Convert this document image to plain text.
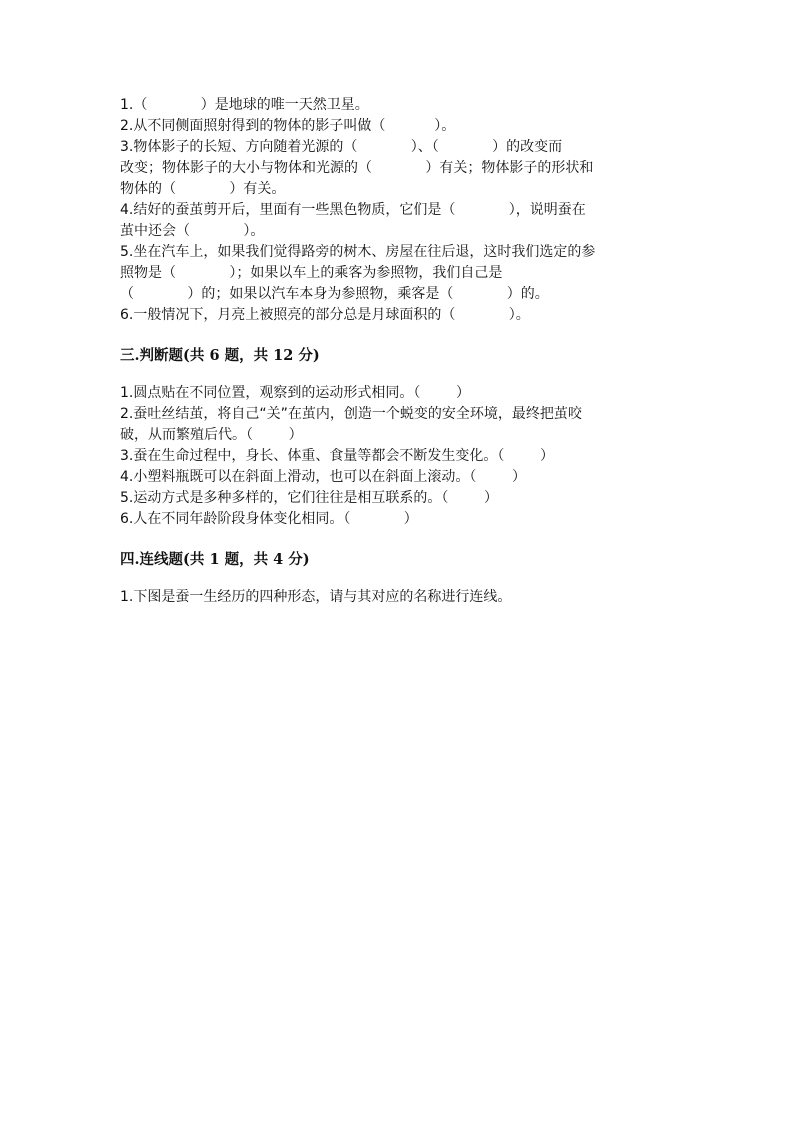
1.（            ）是地球的唯一天然卫星。

2.从不同侧面照射得到的物体的影子叫做（           ）。

3.物体影子的长短、方向随着光源的（            ）、（            ）的改变而

改变；物体影子的大小与物体和光源的（            ）有关；物体影子的形状和

物体的（            ）有关。

4.结好的蚕茧剪开后，里面有一些黑色物质，它们是（            ），说明蚕在

茧中还会（            ）。

5.坐在汽车上，如果我们觉得路旁的树木、房屋在往后退，这时我们选定的参

照物是（            ）；如果以车上的乘客为参照物，我们自己是

（            ）的；如果以汽车本身为参照物，乘客是（            ）的。

6.一般情况下，月亮上被照亮的部分总是月球面积的（            ）。

三.判断题(共 6 题，共 12 分)

1.圆点贴在不同位置，观察到的运动形式相同。（        ）

2.蚕吐丝结茧，将自己“关”在茧内，创造一个蜕变的安全环境，最终把茧咬

破，从而繁殖后代。（        ）

3.蚕在生命过程中，身长、体重、食量等都会不断发生变化。（        ）

4.小塑料瓶既可以在斜面上滑动，也可以在斜面上滚动。（        ）

5.运动方式是多种多样的，它们往往是相互联系的。（        ）

6.人在不同年龄阶段身体变化相同。（            ）

四.连线题(共 1 题，共 4 分)

1.下图是蚕一生经历的四种形态，请与其对应的名称进行连线。
